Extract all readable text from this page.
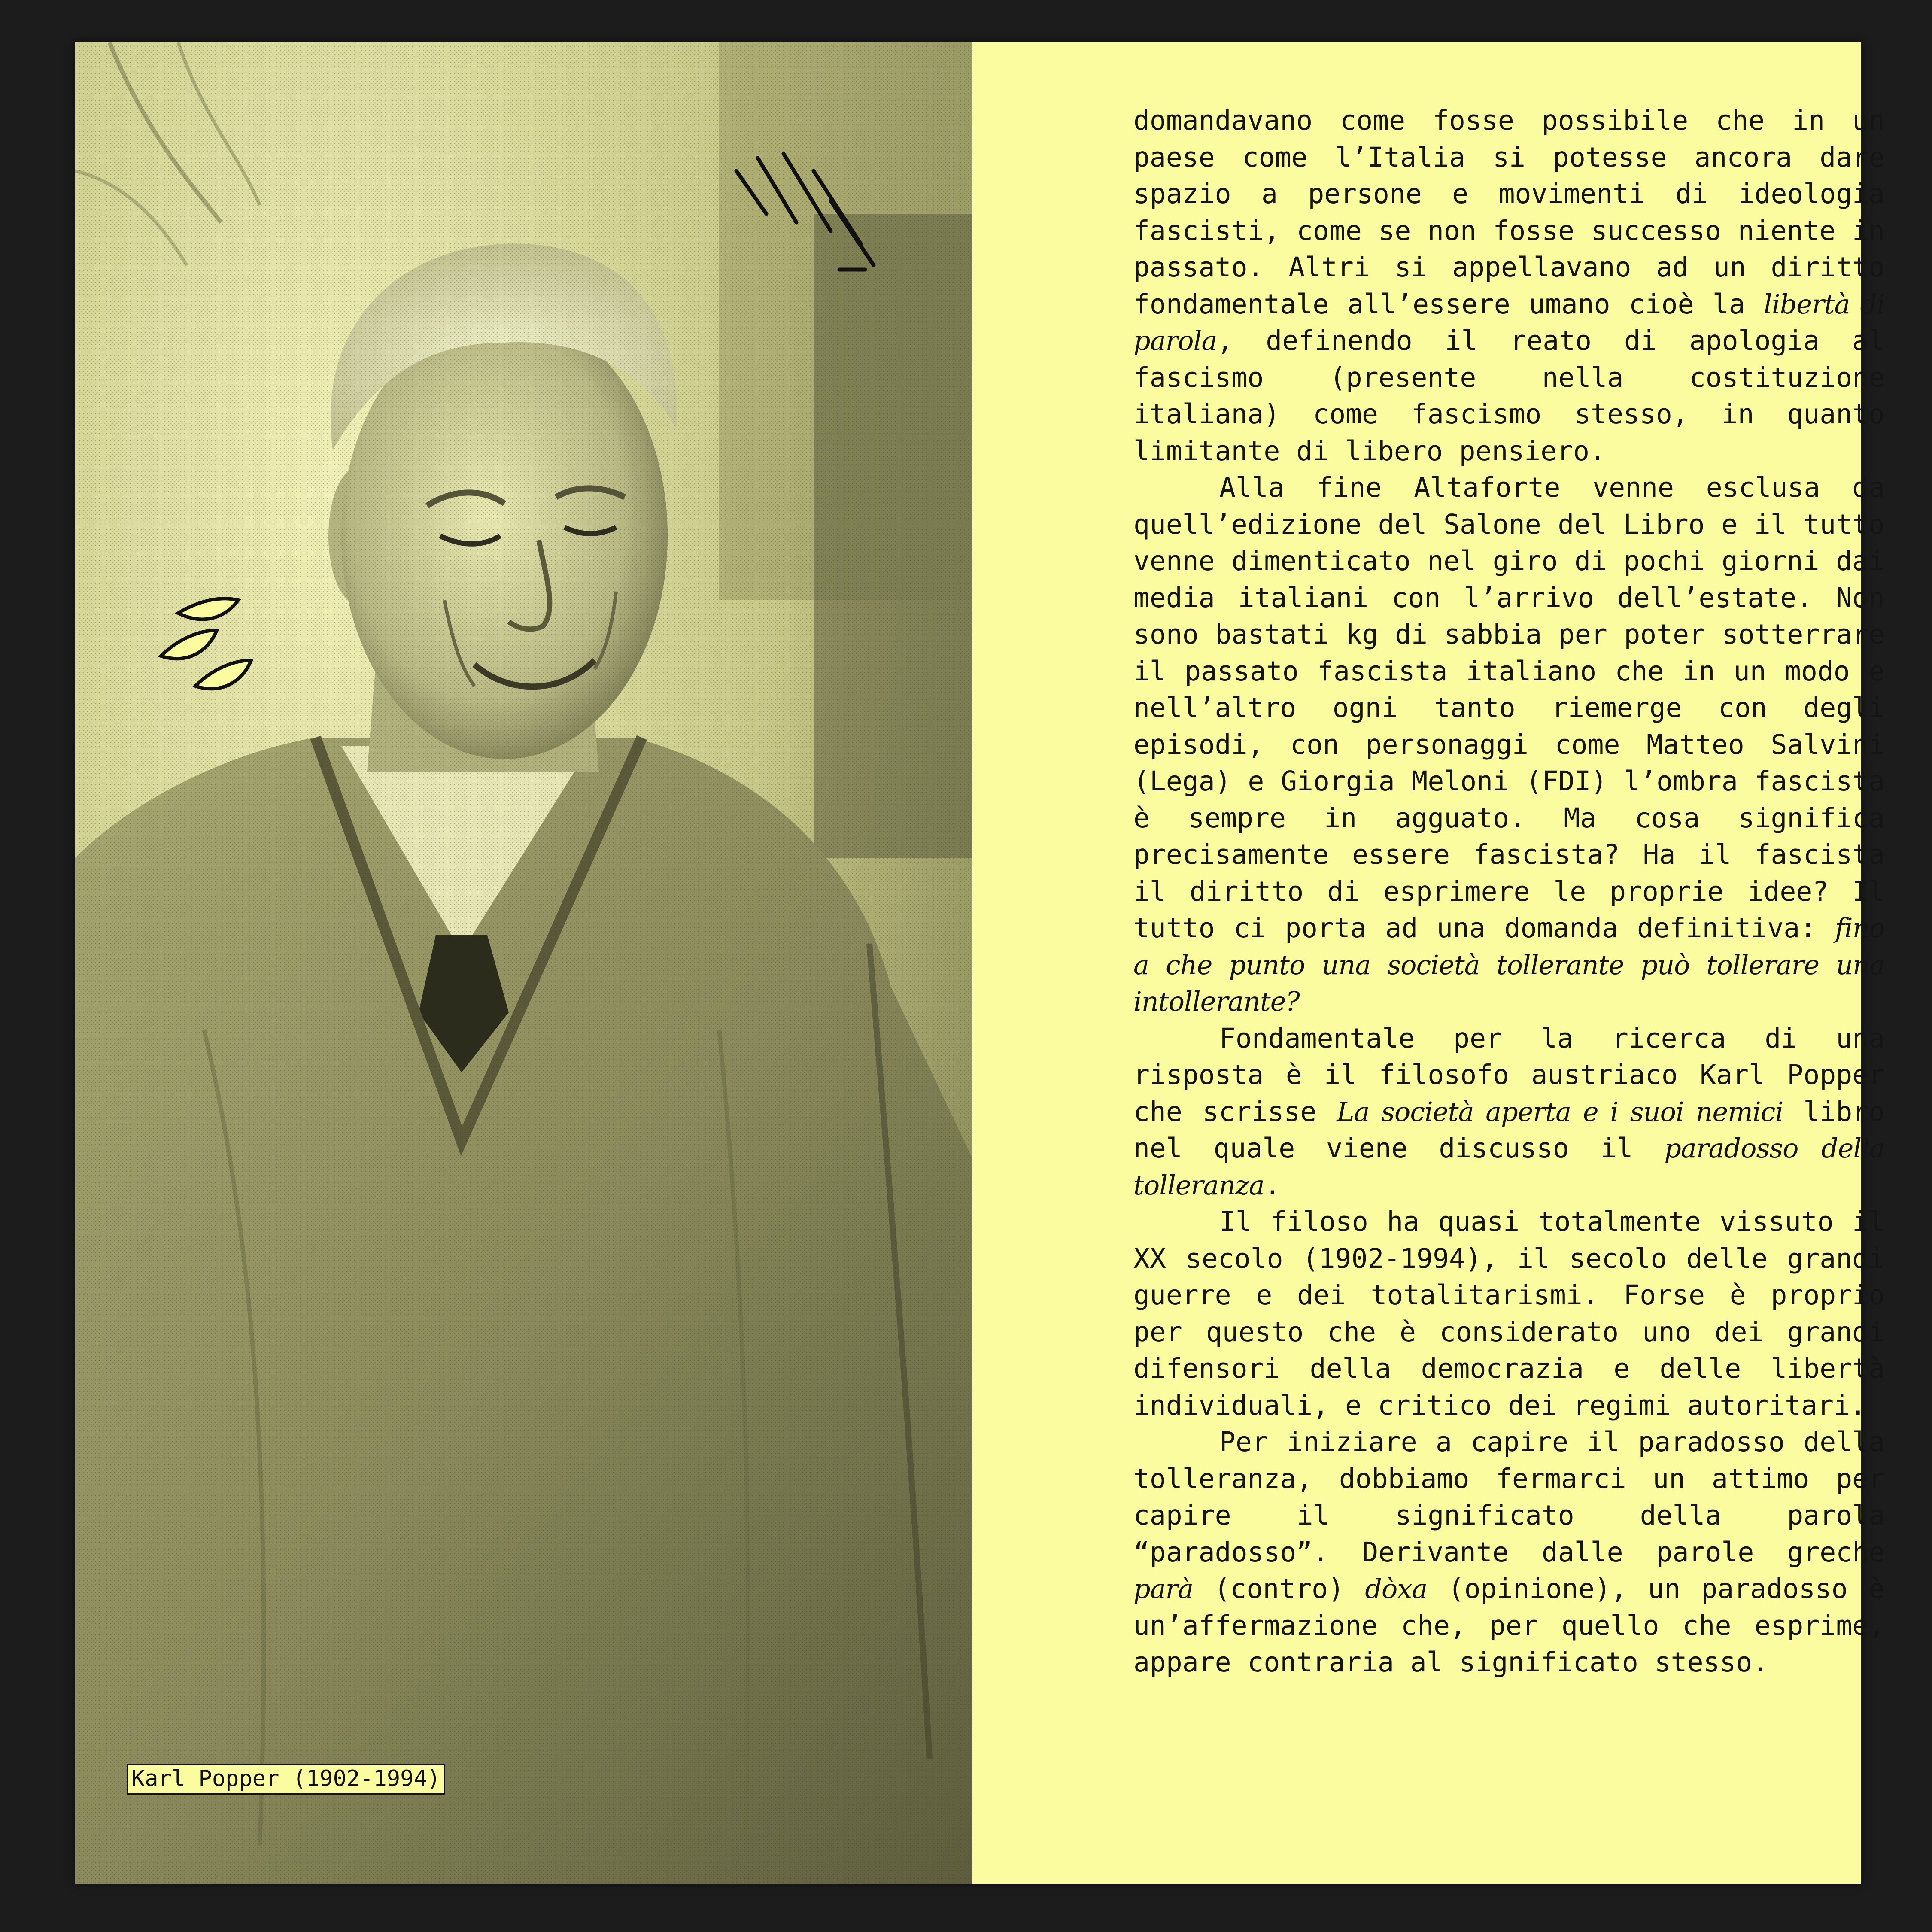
Karl Popper (1902-1994)

domandavano come fosse possibile che in un paese come l’Italia si potesse ancora dare spazio a persone e movimenti di ideologia fascisti, come se non fosse successo niente in passato. Altri si appellavano ad un diritto fondamentale all’essere umano cioè la libertà di parola, definendo il reato di apologia al fascismo (presente nella costituzione italiana) come fascismo stesso, in quanto limitante di libero pensiero.

Alla fine Altaforte venne esclusa da quell’edizione del Salone del Libro e il tutto venne dimenticato nel giro di pochi giorni dai media italiani con l’arrivo dell’estate. Non sono bastati kg di sabbia per poter sotterrare il passato fascista italiano che in un modo e nell’altro ogni tanto riemerge con degli episodi, con personaggi come Matteo Salvini (Lega) e Giorgia Meloni (FDI) l’ombra fascista è sempre in agguato. Ma cosa significa precisamente essere fascista? Ha il fascista il diritto di esprimere le proprie idee? Il tutto ci porta ad una domanda definitiva: fino a che punto una società tollerante può tollerare una intollerante?

Fondamentale per la ricerca di una risposta è il filosofo austriaco Karl Popper che scrisse La società aperta e i suoi nemici libro nel quale viene discusso il paradosso della tolleranza.

Il filoso ha quasi totalmente vissuto il XX secolo (1902-1994), il secolo delle grandi guerre e dei totalitarismi. Forse è proprio per questo che è considerato uno dei grandi difensori della democrazia e delle libertà individuali, e critico dei regimi autoritari.

Per iniziare a capire il paradosso della tolleranza, dobbiamo fermarci un attimo per capire il significato della parola “paradosso”. Derivante dalle parole greche parà (contro) dòxa (opinione), un paradosso è un’affermazione che, per quello che esprime, appare contraria al significato stesso.
